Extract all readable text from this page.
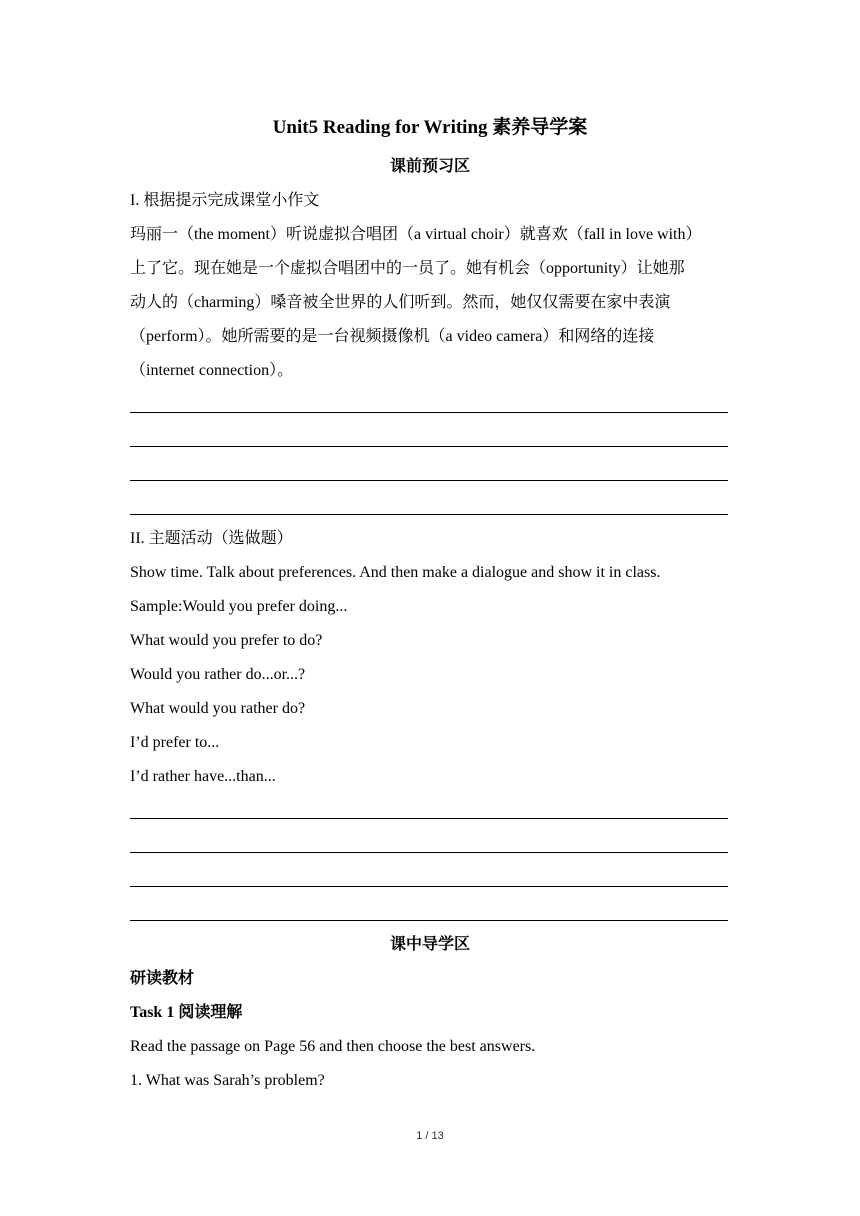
Unit5 Reading for Writing 素养导学案
课前预习区
I. 根据提示完成课堂小作文
玛丽一（the moment）听说虚拟合唱团（a virtual choir）就喜欢（fall in love with）
上了它。现在她是一个虚拟合唱团中的一员了。她有机会（opportunity）让她那
动人的（charming）嗓音被全世界的人们听到。然而，她仅仅需要在家中表演
（perform）。她所需要的是一台视频摄像机（a video camera）和网络的连接
（internet connection）。
II. 主题活动（选做题）
Show time. Talk about preferences. And then make a dialogue and show it in class.
Sample:Would you prefer doing...
What would you prefer to do?
Would you rather do...or...?
What would you rather do?
I’d prefer to...
I’d rather have...than...
课中导学区
研读教材
Task 1 阅读理解
Read the passage on Page 56 and then choose the best answers.
1. What was Sarah’s problem?
1 / 13
